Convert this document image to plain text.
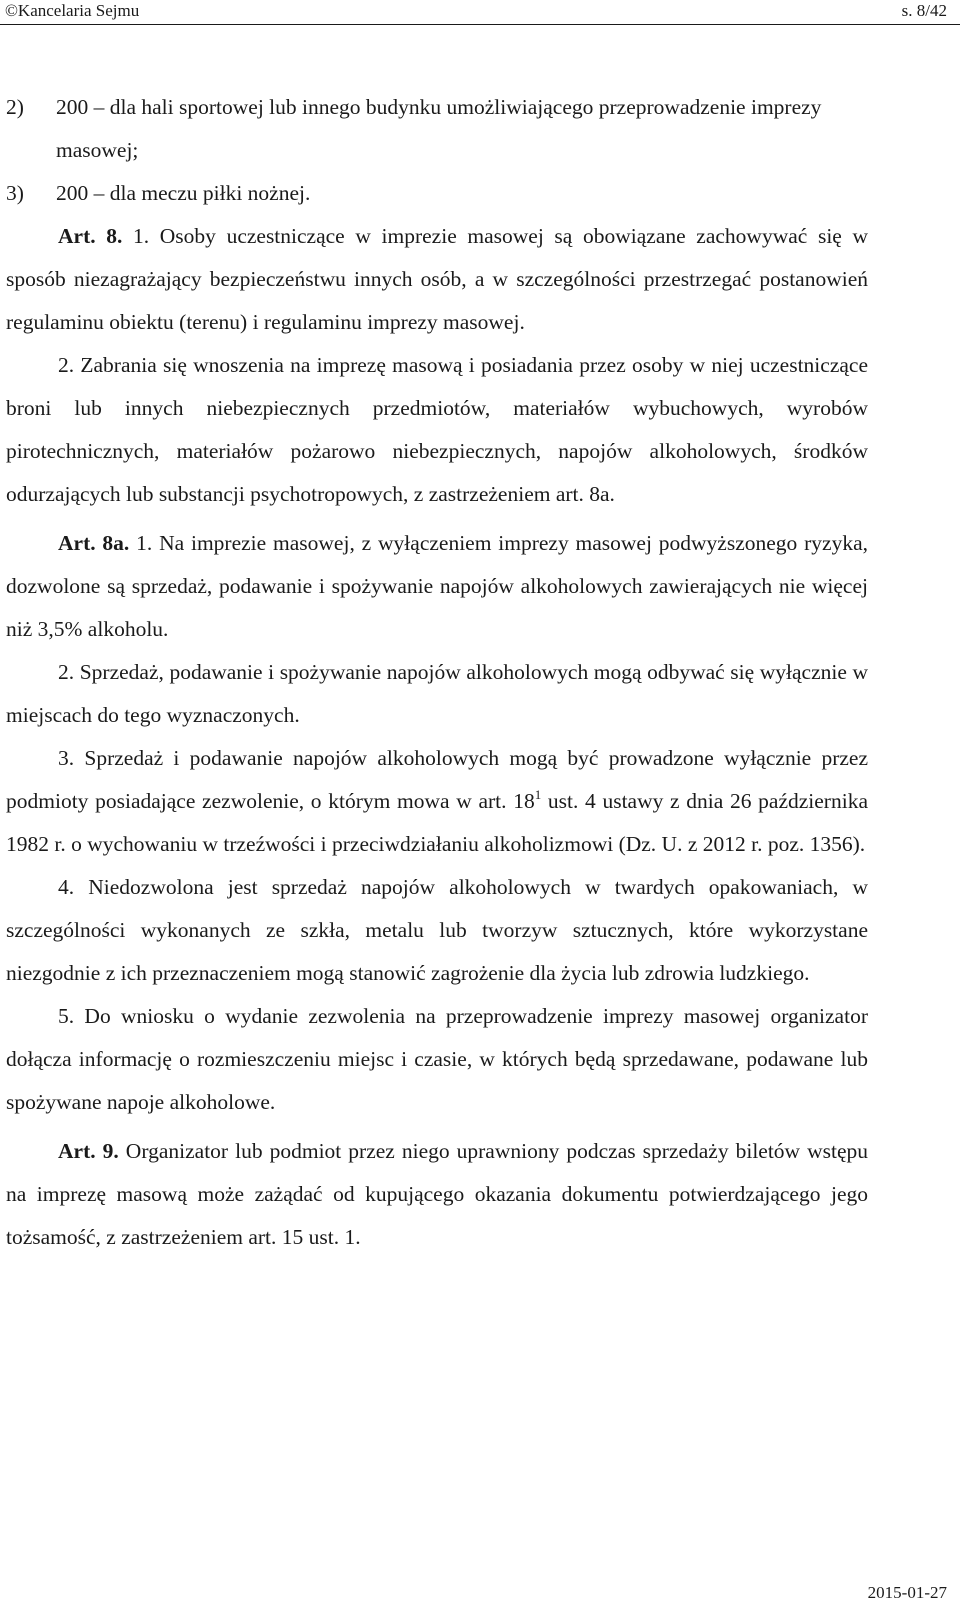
©Kancelaria Sejmu	s. 8/42
2) 200 – dla hali sportowej lub innego budynku umożliwiającego przeprowadzenie imprezy masowej;
3) 200 – dla meczu piłki nożnej.

Art. 8. 1. Osoby uczestniczące w imprezie masowej są obowiązane zachowywać się w sposób niezagrażający bezpieczeństwu innych osób, a w szczególności przestrzegać postanowień regulaminu obiektu (terenu) i regulaminu imprezy masowej.

2. Zabrania się wnoszenia na imprezę masową i posiadania przez osoby w niej uczestniczące broni lub innych niebezpiecznych przedmiotów, materiałów wybuchowych, wyrobów pirotechnicznych, materiałów pożarowo niebezpiecznych, napojów alkoholowych, środków odurzających lub substancji psychotropowych, z zastrzeżeniem art. 8a.

Art. 8a. 1. Na imprezie masowej, z wyłączeniem imprezy masowej podwyższonego ryzyka, dozwolone są sprzedaż, podawanie i spożywanie napojów alkoholowych zawierających nie więcej niż 3,5% alkoholu.

2. Sprzedaż, podawanie i spożywanie napojów alkoholowych mogą odbywać się wyłącznie w miejscach do tego wyznaczonych.

3. Sprzedaż i podawanie napojów alkoholowych mogą być prowadzone wyłącznie przez podmioty posiadające zezwolenie, o którym mowa w art. $18^1$ ust. 4 ustawy z dnia 26 października 1982 r. o wychowaniu w trzeźwości i przeciwdziałaniu alkoholizmowi (Dz. U. z 2012 r. poz. 1356).

4. Niedozwolona jest sprzedaż napojów alkoholowych w twardych opakowaniach, w szczególności wykonanych ze szkła, metalu lub tworzyw sztucznych, które wykorzystane niezgodnie z ich przeznaczeniem mogą stanowić zagrożenie dla życia lub zdrowia ludzkiego.

5. Do wniosku o wydanie zezwolenia na przeprowadzenie imprezy masowej organizator dołącza informację o rozmieszczeniu miejsc i czasie, w których będą sprzedawane, podawane lub spożywane napoje alkoholowe.

Art. 9. Organizator lub podmiot przez niego uprawniony podczas sprzedaży biletów wstępu na imprezę masową może zażądać od kupującego okazania dokumentu potwierdzającego jego tożsamość, z zastrzeżeniem art. 15 ust. 1.

2015-01-27
